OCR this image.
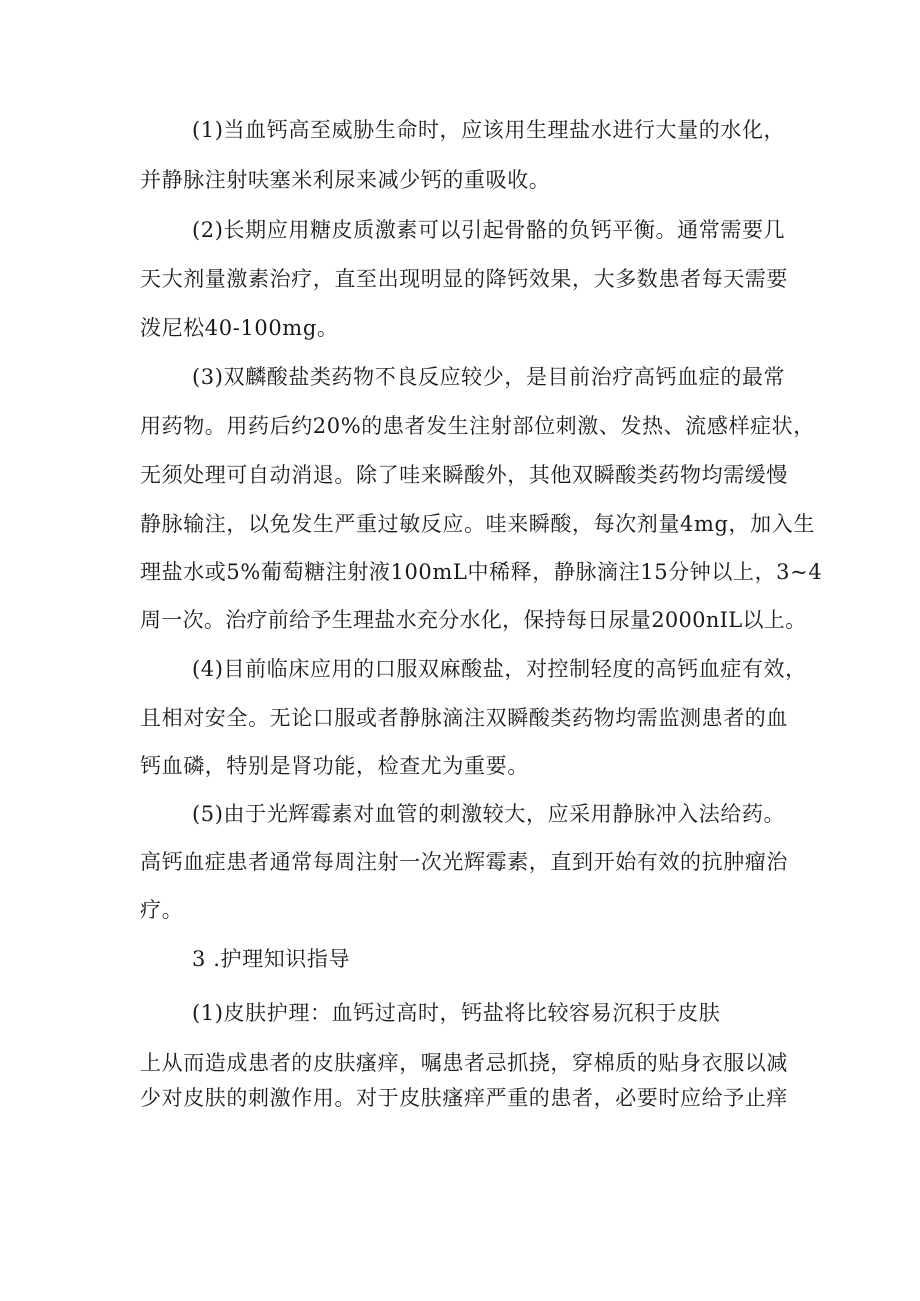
(1)当血钙高至威胁生命时，应该用生理盐水进行大量的水化，
并静脉注射呋塞米利尿来减少钙的重吸收。
(2)长期应用糖皮质激素可以引起骨骼的负钙平衡。通常需要几
天大剂量激素治疗，直至出现明显的降钙效果，大多数患者每天需要
泼尼松40-100mg。
(3)双麟酸盐类药物不良反应较少，是目前治疗高钙血症的最常
用药物。用药后约20%的患者发生注射部位刺激、发热、流感样症状，
无须处理可自动消退。除了哇来瞬酸外，其他双瞬酸类药物均需缓慢
静脉输注，以免发生严重过敏反应。哇来瞬酸，每次剂量4mg，加入生
理盐水或5%葡萄糖注射液100mL中稀释，静脉滴注15分钟以上，3~4
周一次。治疗前给予生理盐水充分水化，保持每日尿量2000nIL以上。
(4)目前临床应用的口服双麻酸盐，对控制轻度的高钙血症有效，
且相对安全。无论口服或者静脉滴注双瞬酸类药物均需监测患者的血
钙血磷，特别是肾功能，检查尤为重要。
(5)由于光辉霉素对血管的刺激较大，应采用静脉冲入法给药。
高钙血症患者通常每周注射一次光辉霉素，直到开始有效的抗肿瘤治
疗。
3 .护理知识指导
(1)皮肤护理：血钙过高时，钙盐将比较容易沉积于皮肤
上从而造成患者的皮肤瘙痒，嘱患者忌抓挠，穿棉质的贴身衣服以减
少对皮肤的刺激作用。对于皮肤瘙痒严重的患者，必要时应给予止痒
